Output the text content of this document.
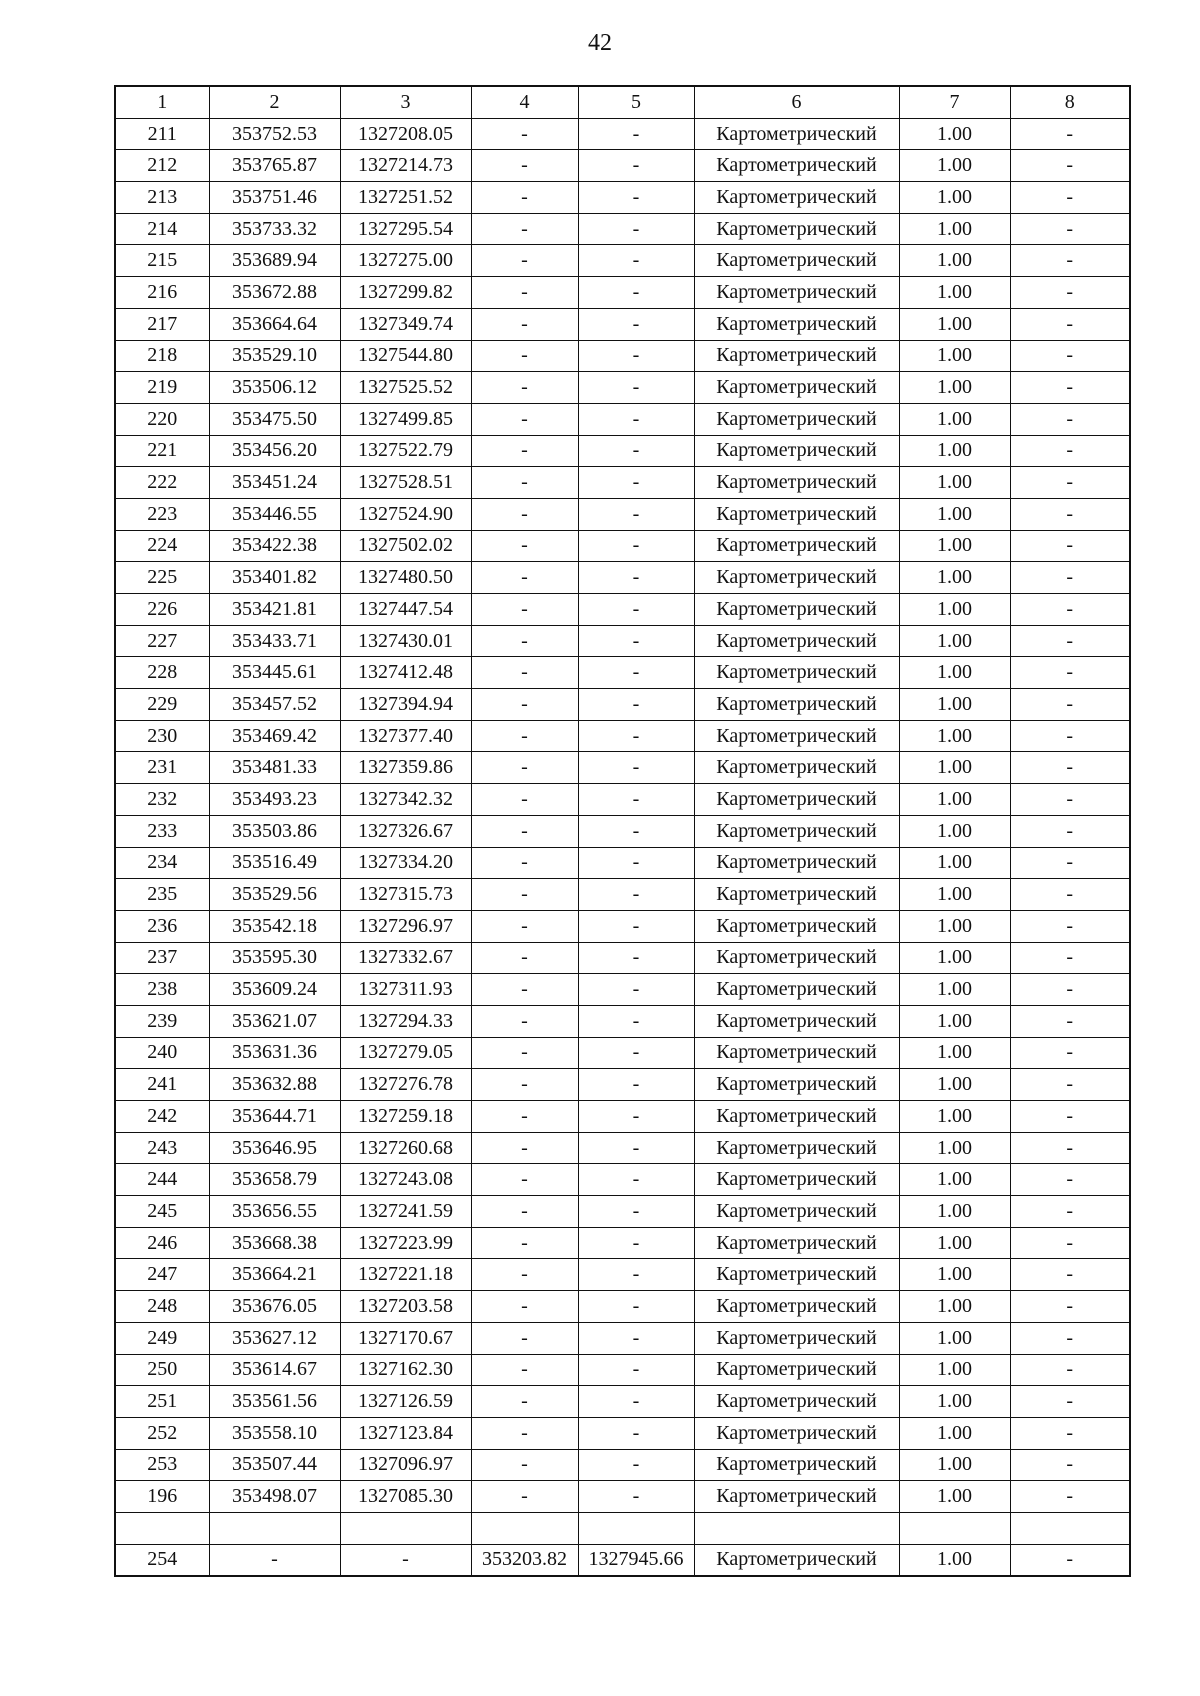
42
1	2	3	4	5	6	7	8
211	353752.53	1327208.05	-	-	Картометрический	1.00	-
212	353765.87	1327214.73	-	-	Картометрический	1.00	-
213	353751.46	1327251.52	-	-	Картометрический	1.00	-
214	353733.32	1327295.54	-	-	Картометрический	1.00	-
215	353689.94	1327275.00	-	-	Картометрический	1.00	-
216	353672.88	1327299.82	-	-	Картометрический	1.00	-
217	353664.64	1327349.74	-	-	Картометрический	1.00	-
218	353529.10	1327544.80	-	-	Картометрический	1.00	-
219	353506.12	1327525.52	-	-	Картометрический	1.00	-
220	353475.50	1327499.85	-	-	Картометрический	1.00	-
221	353456.20	1327522.79	-	-	Картометрический	1.00	-
222	353451.24	1327528.51	-	-	Картометрический	1.00	-
223	353446.55	1327524.90	-	-	Картометрический	1.00	-
224	353422.38	1327502.02	-	-	Картометрический	1.00	-
225	353401.82	1327480.50	-	-	Картометрический	1.00	-
226	353421.81	1327447.54	-	-	Картометрический	1.00	-
227	353433.71	1327430.01	-	-	Картометрический	1.00	-
228	353445.61	1327412.48	-	-	Картометрический	1.00	-
229	353457.52	1327394.94	-	-	Картометрический	1.00	-
230	353469.42	1327377.40	-	-	Картометрический	1.00	-
231	353481.33	1327359.86	-	-	Картометрический	1.00	-
232	353493.23	1327342.32	-	-	Картометрический	1.00	-
233	353503.86	1327326.67	-	-	Картометрический	1.00	-
234	353516.49	1327334.20	-	-	Картометрический	1.00	-
235	353529.56	1327315.73	-	-	Картометрический	1.00	-
236	353542.18	1327296.97	-	-	Картометрический	1.00	-
237	353595.30	1327332.67	-	-	Картометрический	1.00	-
238	353609.24	1327311.93	-	-	Картометрический	1.00	-
239	353621.07	1327294.33	-	-	Картометрический	1.00	-
240	353631.36	1327279.05	-	-	Картометрический	1.00	-
241	353632.88	1327276.78	-	-	Картометрический	1.00	-
242	353644.71	1327259.18	-	-	Картометрический	1.00	-
243	353646.95	1327260.68	-	-	Картометрический	1.00	-
244	353658.79	1327243.08	-	-	Картометрический	1.00	-
245	353656.55	1327241.59	-	-	Картометрический	1.00	-
246	353668.38	1327223.99	-	-	Картометрический	1.00	-
247	353664.21	1327221.18	-	-	Картометрический	1.00	-
248	353676.05	1327203.58	-	-	Картометрический	1.00	-
249	353627.12	1327170.67	-	-	Картометрический	1.00	-
250	353614.67	1327162.30	-	-	Картометрический	1.00	-
251	353561.56	1327126.59	-	-	Картометрический	1.00	-
252	353558.10	1327123.84	-	-	Картометрический	1.00	-
253	353507.44	1327096.97	-	-	Картометрический	1.00	-
196	353498.07	1327085.30	-	-	Картометрический	1.00	-

254	-	-	353203.82	1327945.66	Картометрический	1.00	-
